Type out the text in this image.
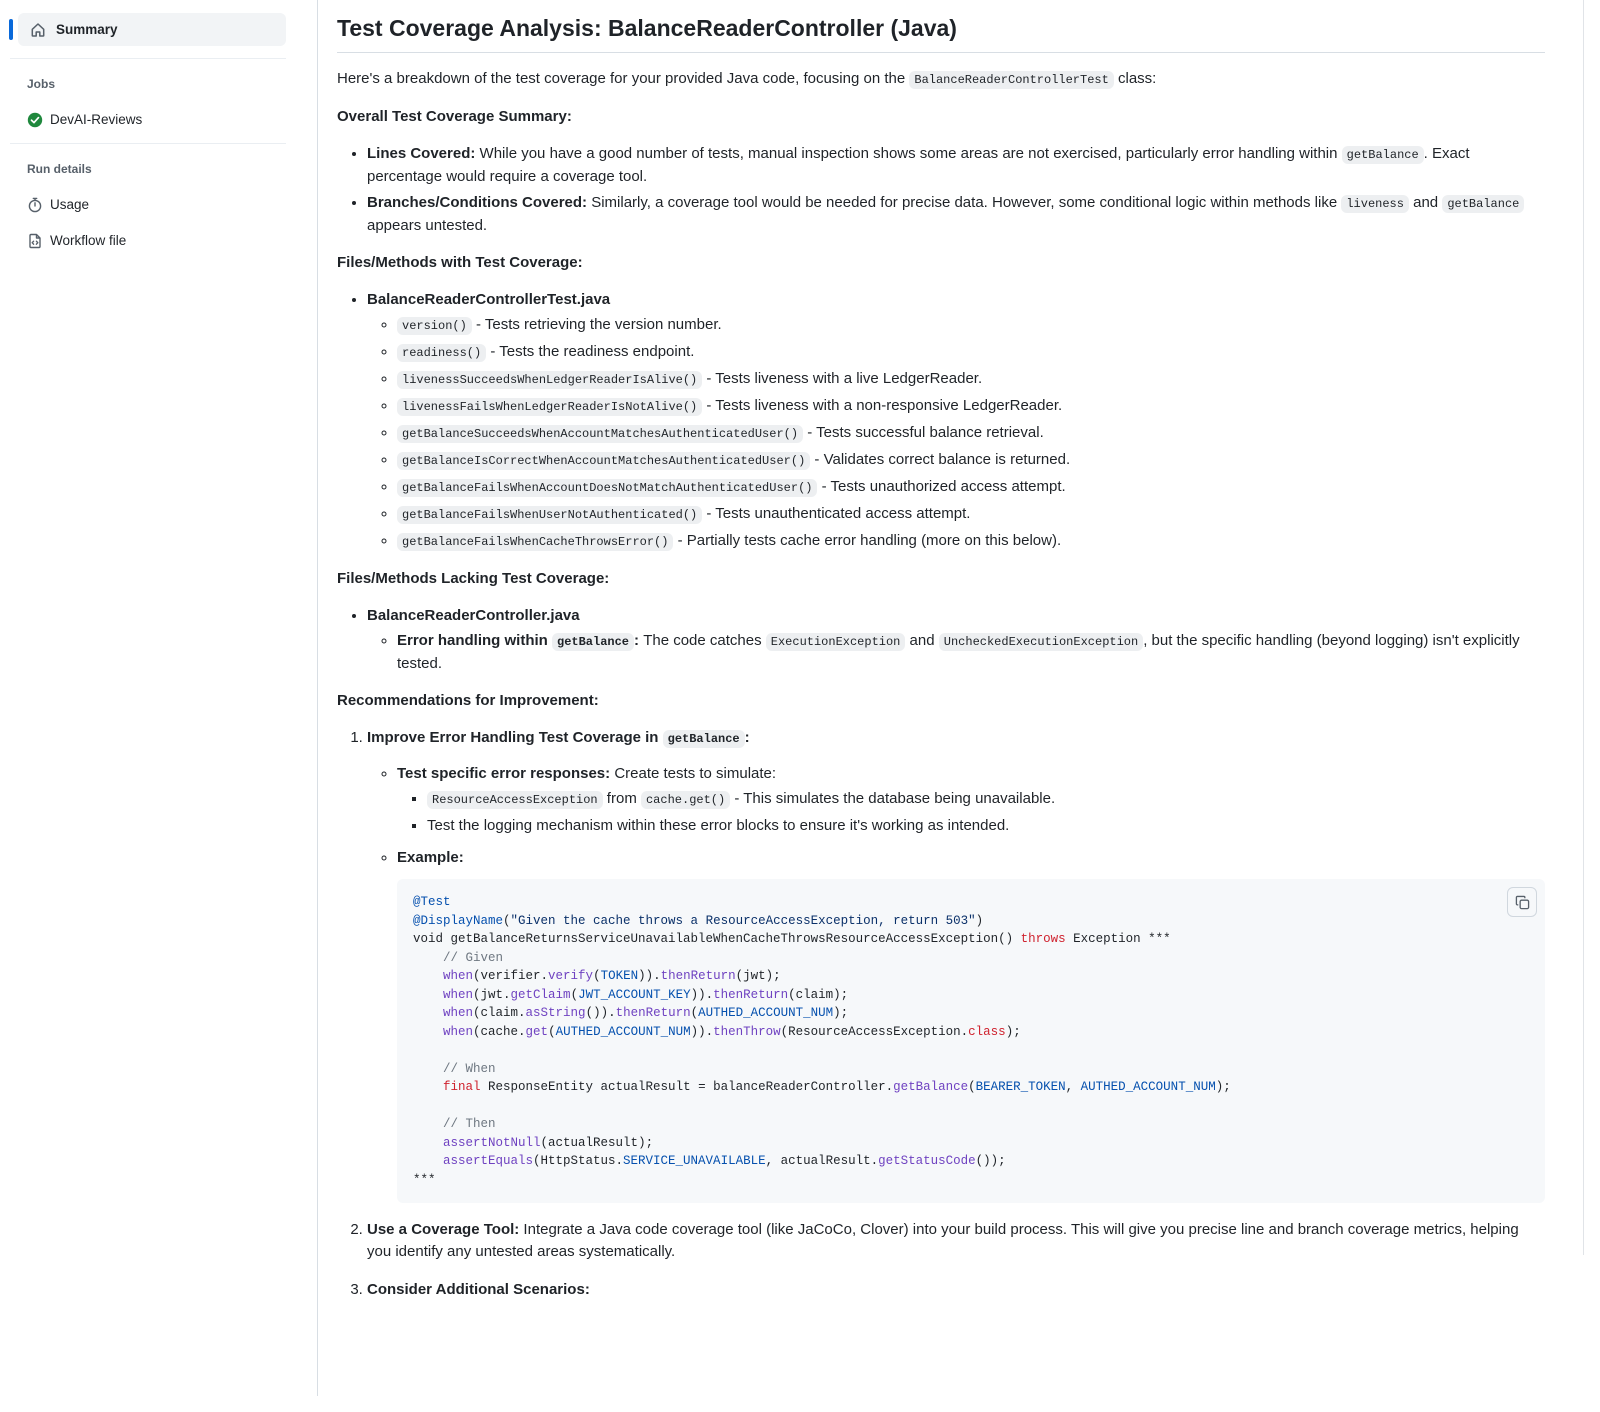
Summary
Jobs
DevAI-Reviews
Run details
Usage
Workflow file
Test Coverage Analysis: BalanceReaderController (Java)
Here's a breakdown of the test coverage for your provided Java code, focusing on the BalanceReaderControllerTest class:
Overall Test Coverage Summary:
• Lines Covered: While you have a good number of tests, manual inspection shows some areas are not exercised, particularly error handling within getBalance . Exact percentage would require a coverage tool.
• Branches/Conditions Covered: Similarly, a coverage tool would be needed for precise data. However, some conditional logic within methods like liveness and getBalance appears untested.
Files/Methods with Test Coverage:
• BalanceReaderControllerTest.java
◦ version() - Tests retrieving the version number.
◦ readiness() - Tests the readiness endpoint.
◦ livenessSucceedsWhenLedgerReaderIsAlive() - Tests liveness with a live LedgerReader.
◦ livenessFailsWhenLedgerReaderIsNotAlive() - Tests liveness with a non-responsive LedgerReader.
◦ getBalanceSucceedsWhenAccountMatchesAuthenticatedUser() - Tests successful balance retrieval.
◦ getBalanceIsCorrectWhenAccountMatchesAuthenticatedUser() - Validates correct balance is returned.
◦ getBalanceFailsWhenAccountDoesNotMatchAuthenticatedUser() - Tests unauthorized access attempt.
◦ getBalanceFailsWhenUserNotAuthenticated() - Tests unauthenticated access attempt.
◦ getBalanceFailsWhenCacheThrowsError() - Partially tests cache error handling (more on this below).
Files/Methods Lacking Test Coverage:
• BalanceReaderController.java
◦ Error handling within getBalance : The code catches ExecutionException and UncheckedExecutionException , but the specific handling (beyond logging) isn't explicitly tested.
Recommendations for Improvement:
1. Improve Error Handling Test Coverage in getBalance :
◦ Test specific error responses: Create tests to simulate:
▪ ResourceAccessException from cache.get() - This simulates the database being unavailable.
▪ Test the logging mechanism within these error blocks to ensure it's working as intended.
◦ Example:
@Test
@DisplayName("Given the cache throws a ResourceAccessException, return 503")
void getBalanceReturnsServiceUnavailableWhenCacheThrowsResourceAccessException() throws Exception ***
// Given
when(verifier.verify(TOKEN)).thenReturn(jwt);
when(jwt.getClaim(JWT_ACCOUNT_KEY)).thenReturn(claim);
when(claim.asString()).thenReturn(AUTHED_ACCOUNT_NUM);
when(cache.get(AUTHED_ACCOUNT_NUM)).thenThrow(ResourceAccessException.class);

// When
final ResponseEntity actualResult = balanceReaderController.getBalance(BEARER_TOKEN, AUTHED_ACCOUNT_NUM);

// Then
assertNotNull(actualResult);
assertEquals(HttpStatus.SERVICE_UNAVAILABLE, actualResult.getStatusCode());
***

2. Use a Coverage Tool: Integrate a Java code coverage tool (like JaCoCo, Clover) into your build process. This will give you precise line and branch coverage metrics, helping you identify any untested areas systematically.
3. Consider Additional Scenarios:
